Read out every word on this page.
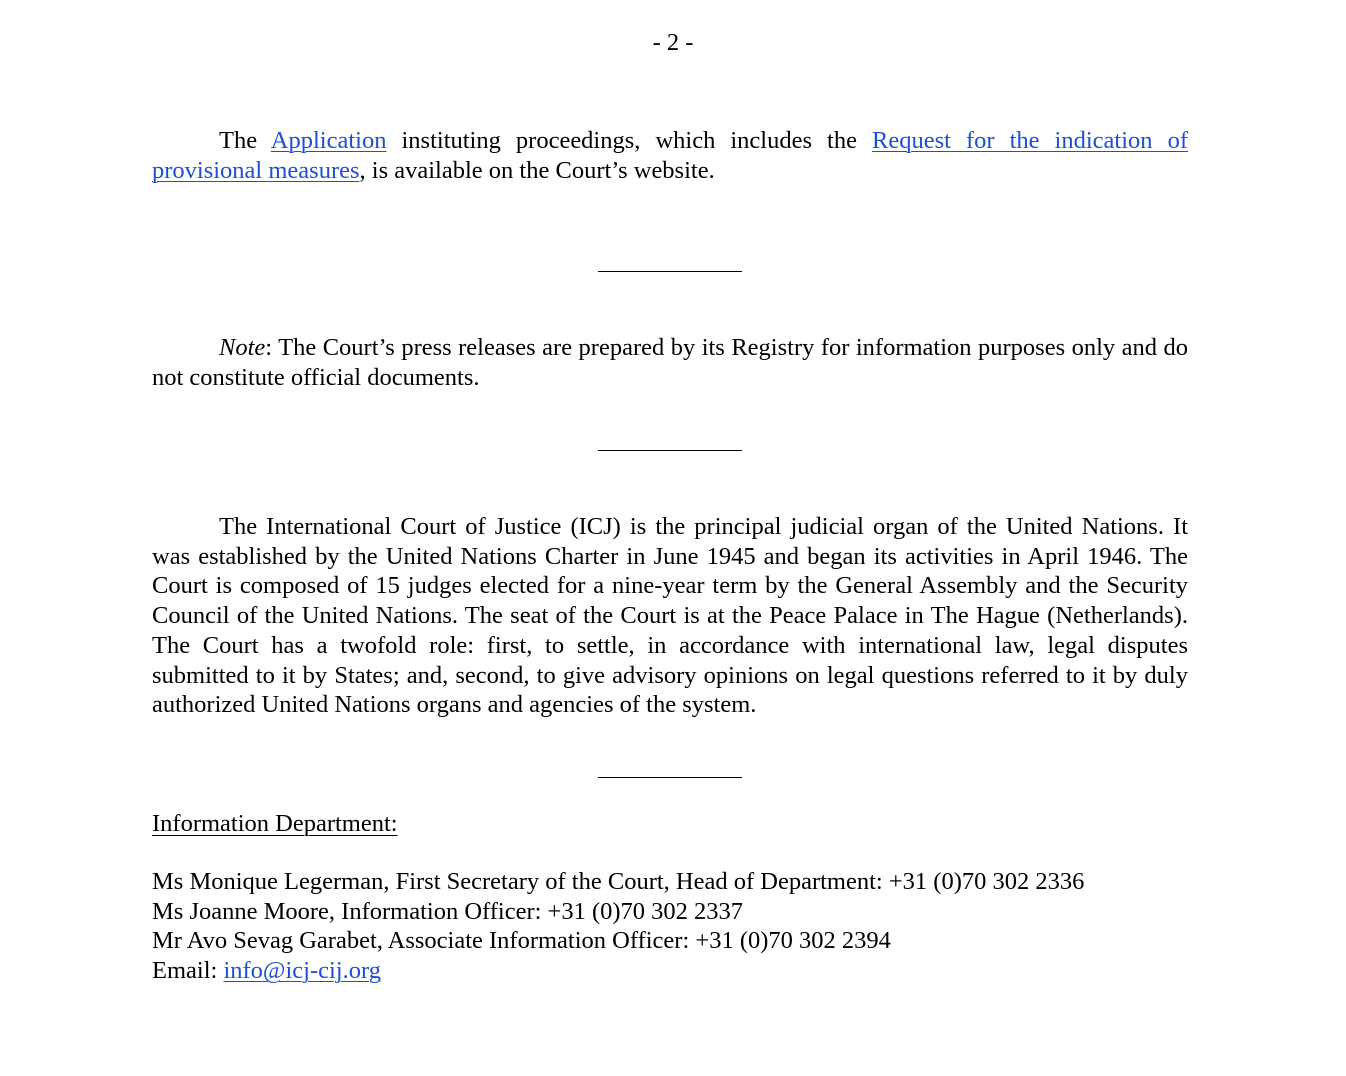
- 2 -

The Application instituting proceedings, which includes the Request for the indication of provisional measures, is available on the Court’s website.

Note: The Court’s press releases are prepared by its Registry for information purposes only and do not constitute official documents.

The International Court of Justice (ICJ) is the principal judicial organ of the United Nations. It was established by the United Nations Charter in June 1945 and began its activities in April 1946. The Court is composed of 15 judges elected for a nine-year term by the General Assembly and the Security Council of the United Nations. The seat of the Court is at the Peace Palace in The Hague (Netherlands). The Court has a twofold role: first, to settle, in accordance with international law, legal disputes submitted to it by States; and, second, to give advisory opinions on legal questions referred to it by duly authorized United Nations organs and agencies of the system.

Information Department:

Ms Monique Legerman, First Secretary of the Court, Head of Department: +31 (0)70 302 2336
Ms Joanne Moore, Information Officer: +31 (0)70 302 2337
Mr Avo Sevag Garabet, Associate Information Officer: +31 (0)70 302 2394
Email: info@icj-cij.org
